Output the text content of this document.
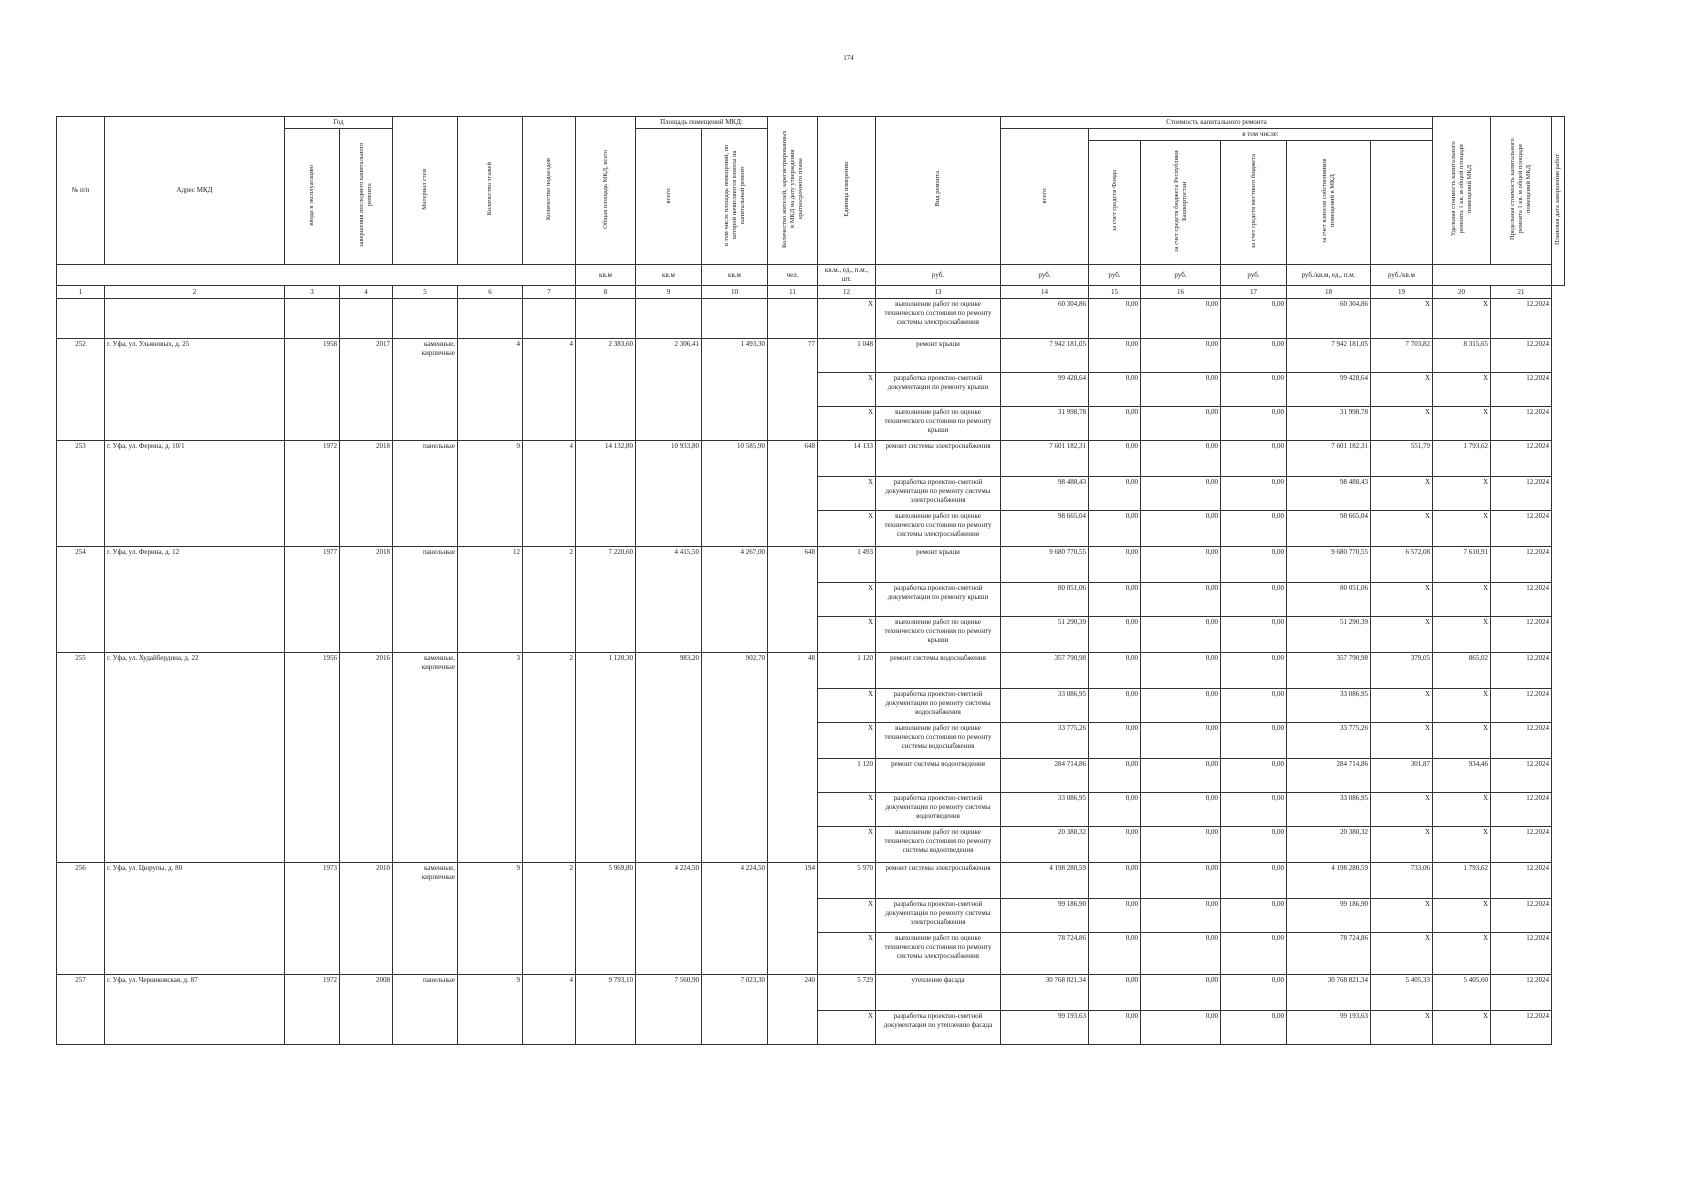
174
№ п/п	Адрес МКД	Год		Материал стен	Количество этажей	Количество подъездов	Общая площадь МКД, всего	Площадь помещений МКД:		Количество жителей, зарегистрированных в МКД на дату утверждения краткосрочного плана	Единица измерения	Вид ремонта	Стоимость капитального ремонта						Удельная стоимость капитального ремонта 1 кв. м общей площади помещений МКД	Предельная стоимость капитального ремонта 1 кв. м общей площади помещений МКД	Плановая дата завершения работ
		ввода в эксплуатацию	завершения последнего капитального ремонта					всего:	в том числе площадь помещений, по которой начисляются взносы на капитальный ремонт				всего:	в том числе:							
														за счет средств Фонда	за счет средств бюджета Республики Башкортостан	за счет средств местного бюджета	за счет взносов собственников помещений в МКД				
							кв.м	кв.м	кв.м	чел.	кв.м., ед., п.м., шт.	руб.	руб.	руб.	руб.	руб.	руб./кв.м, ед., п.м.	руб./кв.м			
1	2	3	4	5	6	7	8	9	10	11	12	13	14	15	16	17	18	19	20	21	
											X	выполнение работ по оценке технического состояния по ремонту системы электроснабжения	60 304,86	0,00	0,00	0,00	60 304,86	X	X	12.2024	
252	г. Уфа, ул. Ульяновых, д. 25	1958	2017	каменные, кирпичные	4	4	2 383,60	2 306,41	1 493,30	77	1 048	ремонт крыши	7 942 181,05	0,00	0,00	0,00	7 942 181,05	7 703,82	8 315,65	12.2024	
											X	разработка проектно-сметной документации по ремонту крыши	99 428,64	0,00	0,00	0,00	99 428,64	X	X	12.2024	
											X	выполнение работ по оценке технического состояния по ремонту крыши	31 998,78	0,00	0,00	0,00	31 998,78	X	X	12.2024	
253	г. Уфа, ул. Ферина, д. 10/1	1972	2018	панельные	9	4	14 132,80	10 933,80	10 585,90	648	14 133	ремонт системы электроснабжения	7 601 182,31	0,00	0,00	0,00	7 601 182,31	551,79	1 793,62	12.2024	
											X	разработка проектно-сметной документации по ремонту системы электроснабжения	98 488,43	0,00	0,00	0,00	98 488,43	X	X	12.2024	
											X	выполнение работ по оценке технического состояния по ремонту системы электроснабжения	98 665,04	0,00	0,00	0,00	98 665,04	X	X	12.2024	
254	г. Уфа, ул. Ферина, д. 12	1977	2018	панельные	12	2	7 220,60	4 415,50	4 267,00	648	1 493	ремонт крыши	9 680 770,55	0,00	0,00	0,00	9 680 770,55	6 572,08	7 610,91	12.2024	
											X	разработка проектно-сметной документации по ремонту крыши	80 051,06	0,00	0,00	0,00	80 051,06	X	X	12.2024	
											X	выполнение работ по оценке технического состояния по ремонту крыши	51 290,39	0,00	0,00	0,00	51 290,39	X	X	12.2024	
255	г. Уфа, ул. Худайбердина, д. 22	1956	2016	каменные, кирпичные	3	2	1 120,30	983,20	902,70	48	1 120	ремонт системы водоснабжения	357 790,98	0,00	0,00	0,00	357 790,98	379,05	865,02	12.2024	
											X	разработка проектно-сметной документации по ремонту системы водоснабжения	33 086,95	0,00	0,00	0,00	33 086,95	X	X	12.2024	
											X	выполнение работ по оценке технического состояния по ремонту системы водоснабжения	33 775,26	0,00	0,00	0,00	33 775,26	X	X	12.2024	
											1 120	ремонт системы водоотведения	284 714,86	0,00	0,00	0,00	284 714,86	301,87	934,46	12.2024	
											X	разработка проектно-сметной документации по ремонту системы водоотведения	33 086,95	0,00	0,00	0,00	33 086,95	X	X	12.2024	
											X	выполнение работ по оценке технического состояния по ремонту системы водоотведения	20 380,32	0,00	0,00	0,00	20 380,32	X	X	12.2024	
256	г. Уфа, ул. Цюрупы, д. 80	1973	2010	каменные, кирпичные	9	2	5 969,80	4 224,50	4 224,50	194	5 970	ремонт системы электроснабжения	4 198 280,59	0,00	0,00	0,00	4 198 280,59	733,06	1 793,62	12.2024	
											X	разработка проектно-сметной документации по ремонту системы электроснабжения	99 186,90	0,00	0,00	0,00	99 186,90	X	X	12.2024	
											X	выполнение работ по оценке технического состояния по ремонту системы электроснабжения	78 724,86	0,00	0,00	0,00	78 724,86	X	X	12.2024	
257	г. Уфа, ул. Черниковская, д. 87	1972	2008	панельные	9	4	9 793,10	7 560,90	7 023,30	240	5 729	утепление фасада	30 768 821,34	0,00	0,00	0,00	30 768 821,34	5 405,33	5 405,60	12.2024	
											X	разработка проектно-сметной документации по утеплению фасада	99 193,63	0,00	0,00	0,00	99 193,63	X	X	12.2024	
